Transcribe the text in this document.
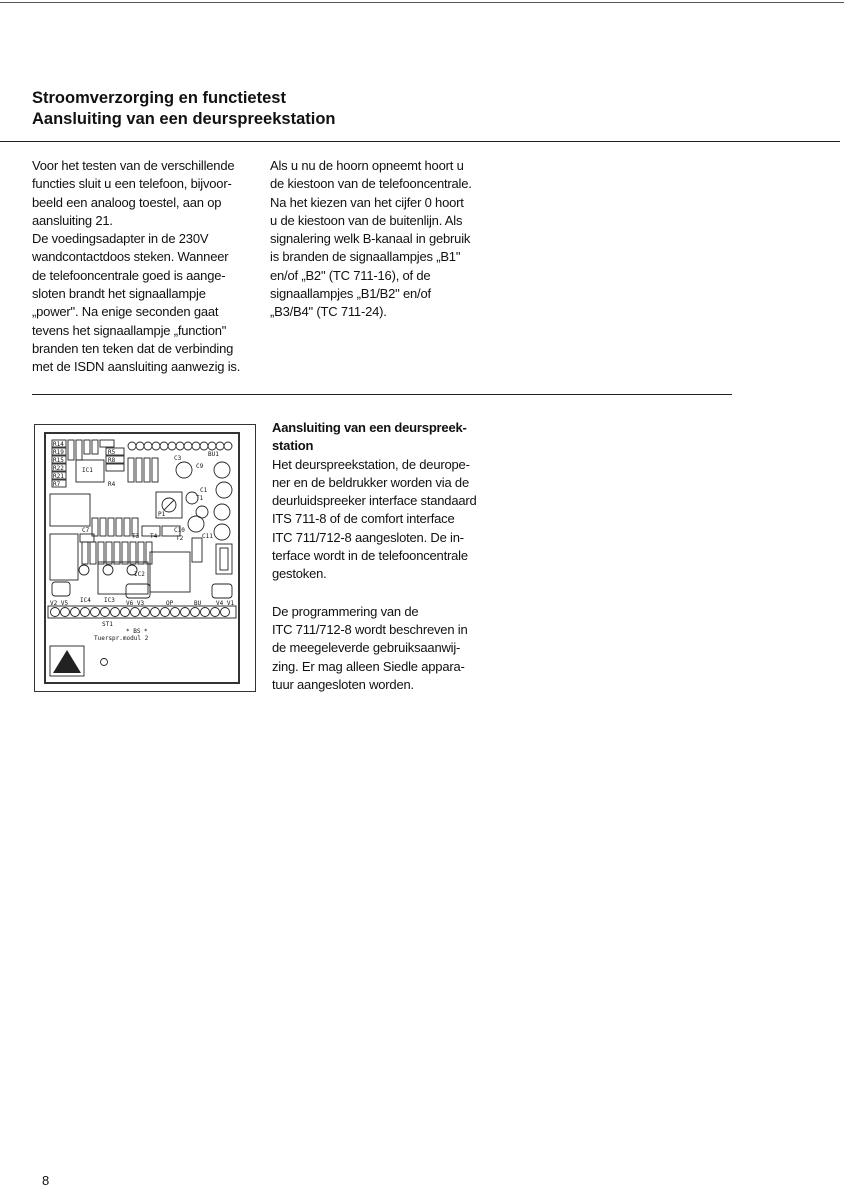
Stroomverzorging en functietest
Aansluiting van een deurspreekstation

Voor het testen van de verschillende
functies sluit u een telefoon, bijvoor-
beeld een analoog toestel, aan op
aansluiting 21.
De voedingsadapter in de 230V
wandcontactdoos steken. Wanneer
de telefooncentrale goed is aange-
sloten brandt het signaallampje
„power". Na enige seconden gaat
tevens het signaallampje „function"
branden ten teken dat de verbinding
met de ISDN aansluiting aanwezig is.

Als u nu de hoorn opneemt hoort u
de kiestoon van de telefooncentrale.
Na het kiezen van het cijfer 0 hoort
u de kiestoon van de buitenlijn. Als
signalering welk B-kanaal in gebruik
is branden de signaallampjes „B1"
en/of „B2" (TC 711-16), of de
signaallampjes „B1/B2" en/of
„B3/B4" (TC 711-24).

R14
R19
R15
R22
R21
R7
IC1
R5
R8
R4
C3
BU1
C9
C1
P1
T1
C7	C10
C11
T2
T3 T4
IC2
IC4 IC3
V2 V5	V6 V3	OP	BU V4 V1
ST1
* BS *
Tuerspr.modul 2

Aansluiting van een deurspreek-
station

Het deurspreekstation, de deurope-
ner en de beldrukker worden via de
deurluidspreeker interface standaard
ITS 711-8 of de comfort interface
ITC 711/712-8 aangesloten. De in-
terface wordt in de telefooncentrale
gestoken.

De programmering van de
ITC 711/712-8 wordt beschreven in
de meegeleverde gebruiksaanwij-
zing. Er mag alleen Siedle appara-
tuur aangesloten worden.

8
